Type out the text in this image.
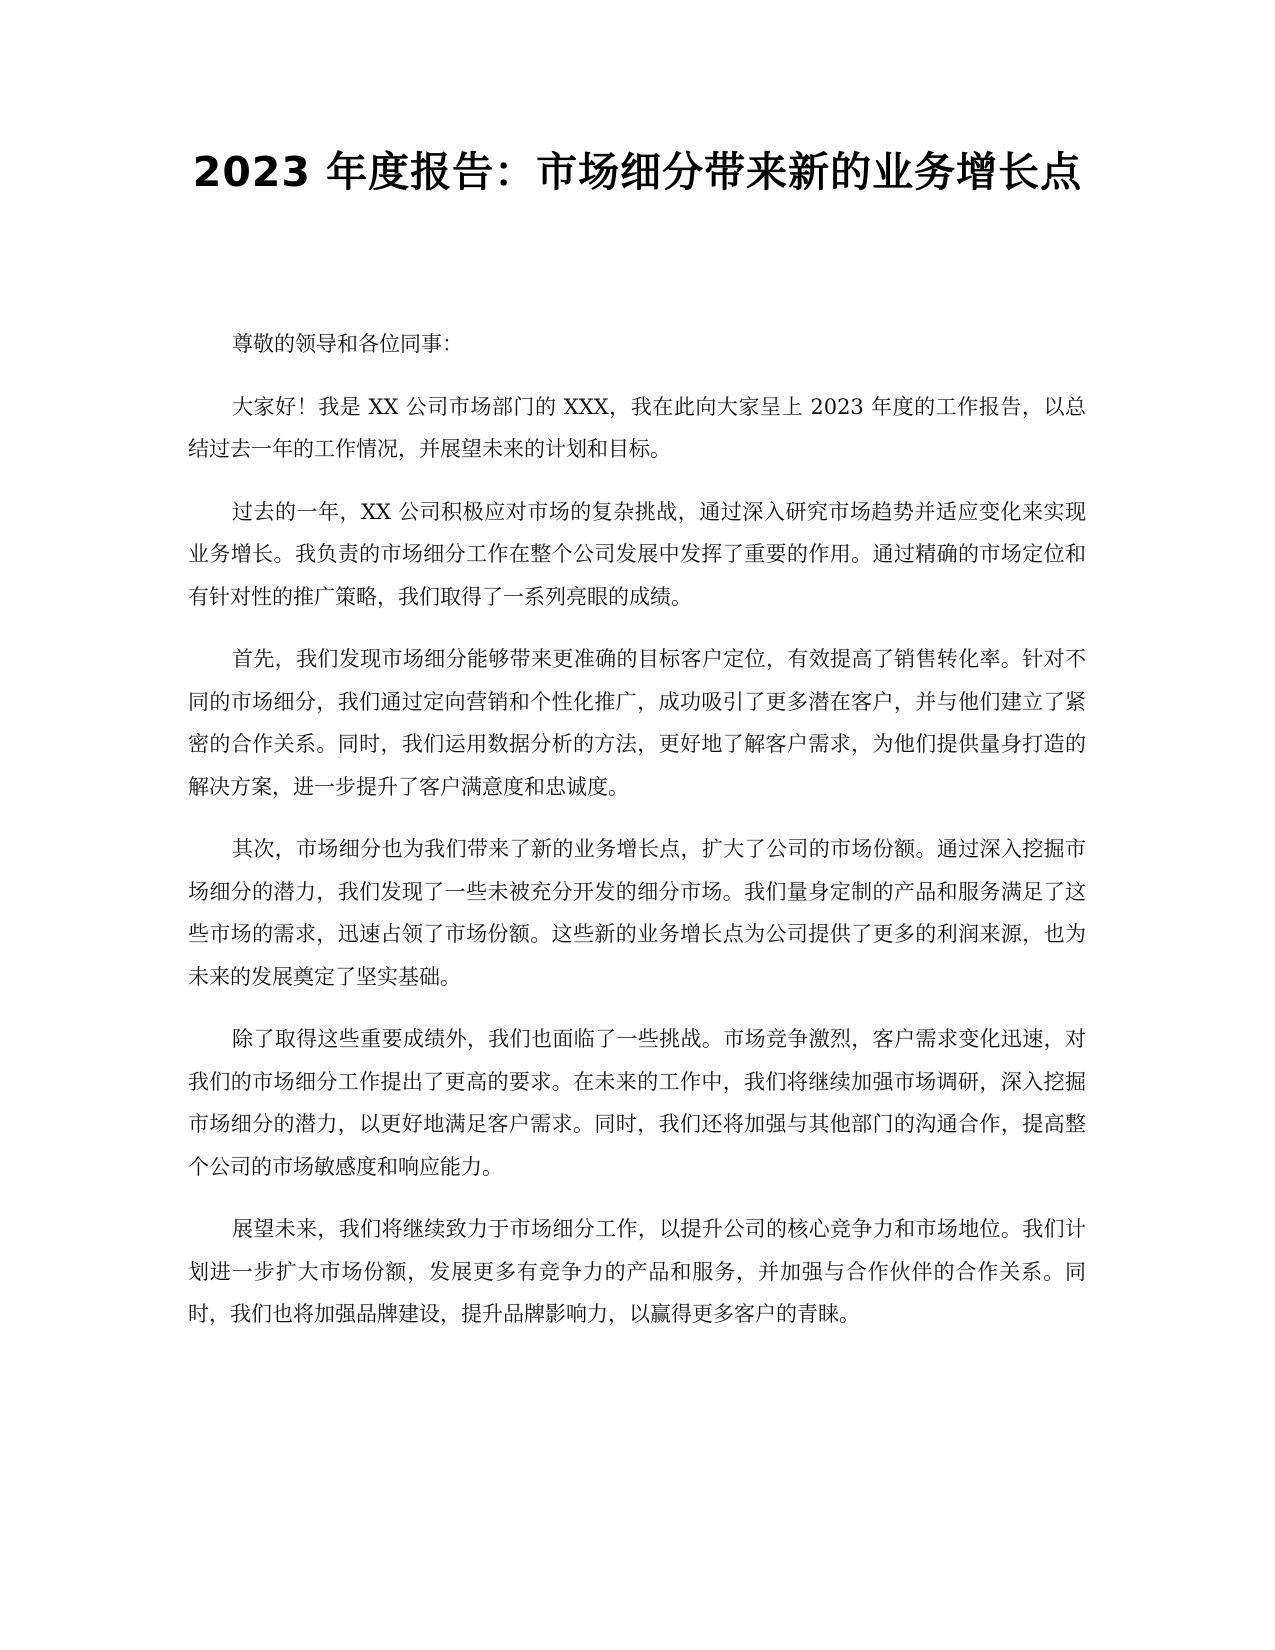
2023 年度报告：市场细分带来新的业务增长点

尊敬的领导和各位同事：

大家好！我是 XX 公司市场部门的 XXX，我在此向大家呈上 2023 年度的工作报告，以总结过去一年的工作情况，并展望未来的计划和目标。

过去的一年，XX 公司积极应对市场的复杂挑战，通过深入研究市场趋势并适应变化来实现业务增长。我负责的市场细分工作在整个公司发展中发挥了重要的作用。通过精确的市场定位和有针对性的推广策略，我们取得了一系列亮眼的成绩。

首先，我们发现市场细分能够带来更准确的目标客户定位，有效提高了销售转化率。针对不同的市场细分，我们通过定向营销和个性化推广，成功吸引了更多潜在客户，并与他们建立了紧密的合作关系。同时，我们运用数据分析的方法，更好地了解客户需求，为他们提供量身打造的解决方案，进一步提升了客户满意度和忠诚度。

其次，市场细分也为我们带来了新的业务增长点，扩大了公司的市场份额。通过深入挖掘市场细分的潜力，我们发现了一些未被充分开发的细分市场。我们量身定制的产品和服务满足了这些市场的需求，迅速占领了市场份额。这些新的业务增长点为公司提供了更多的利润来源，也为未来的发展奠定了坚实基础。

除了取得这些重要成绩外，我们也面临了一些挑战。市场竞争激烈，客户需求变化迅速，对我们的市场细分工作提出了更高的要求。在未来的工作中，我们将继续加强市场调研，深入挖掘市场细分的潜力，以更好地满足客户需求。同时，我们还将加强与其他部门的沟通合作，提高整个公司的市场敏感度和响应能力。

展望未来，我们将继续致力于市场细分工作，以提升公司的核心竞争力和市场地位。我们计划进一步扩大市场份额，发展更多有竞争力的产品和服务，并加强与合作伙伴的合作关系。同时，我们也将加强品牌建设，提升品牌影响力，以赢得更多客户的青睐。
